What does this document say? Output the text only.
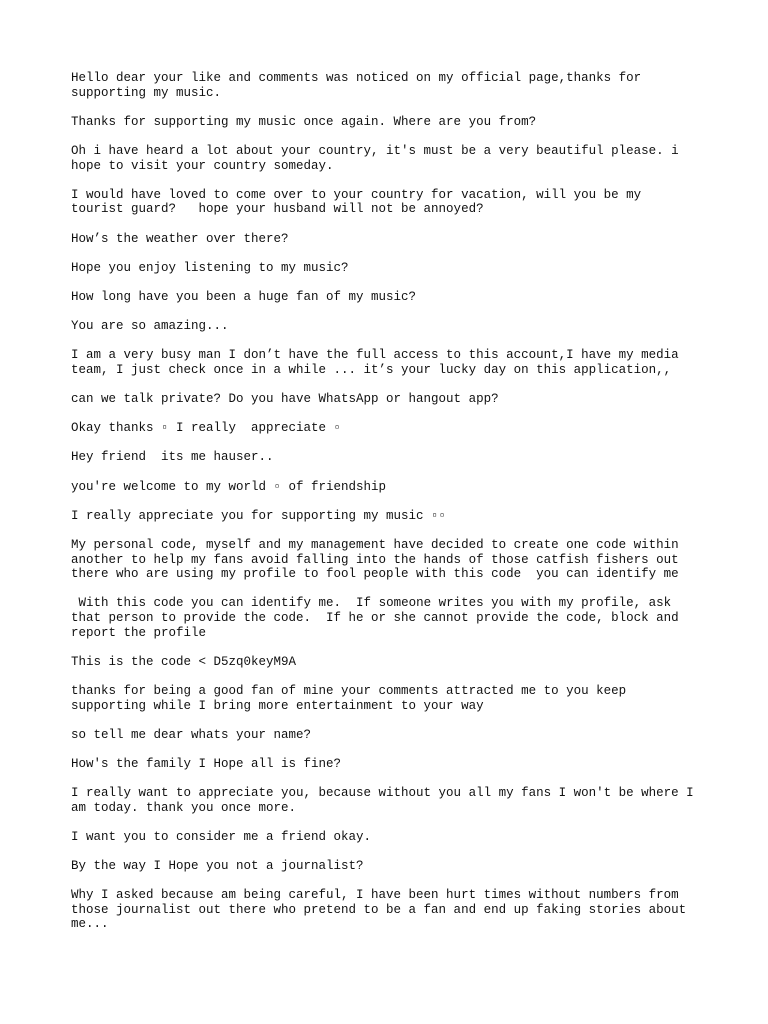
Hello dear your like and comments was noticed on my official page,thanks for
supporting my music.

Thanks for supporting my music once again. Where are you from?

Oh i have heard a lot about your country, it's must be a very beautiful please. i
hope to visit your country someday.

I would have loved to come over to your country for vacation, will you be my
tourist guard?   hope your husband will not be annoyed?

How’s the weather over there?

Hope you enjoy listening to my music?

How long have you been a huge fan of my music?

You are so amazing...

I am a very busy man I don’t have the full access to this account,I have my media
team, I just check once in a while ... it’s your lucky day on this application,,

can we talk private? Do you have WhatsApp or hangout app?

Okay thanks ▫ I really  appreciate ▫

Hey friend  its me hauser..

you're welcome to my world ▫ of friendship

I really appreciate you for supporting my music ▫▫

My personal code, myself and my management have decided to create one code within
another to help my fans avoid falling into the hands of those catfish fishers out
there who are using my profile to fool people with this code  you can identify me

With this code you can identify me.  If someone writes you with my profile, ask
that person to provide the code.  If he or she cannot provide the code, block and
report the profile

This is the code < D5zq0keyM9A

thanks for being a good fan of mine your comments attracted me to you keep
supporting while I bring more entertainment to your way

so tell me dear whats your name?

How's the family I Hope all is fine?

I really want to appreciate you, because without you all my fans I won't be where I
am today. thank you once more.

I want you to consider me a friend okay.

By the way I Hope you not a journalist?

Why I asked because am being careful, I have been hurt times without numbers from
those journalist out there who pretend to be a fan and end up faking stories about
me...
